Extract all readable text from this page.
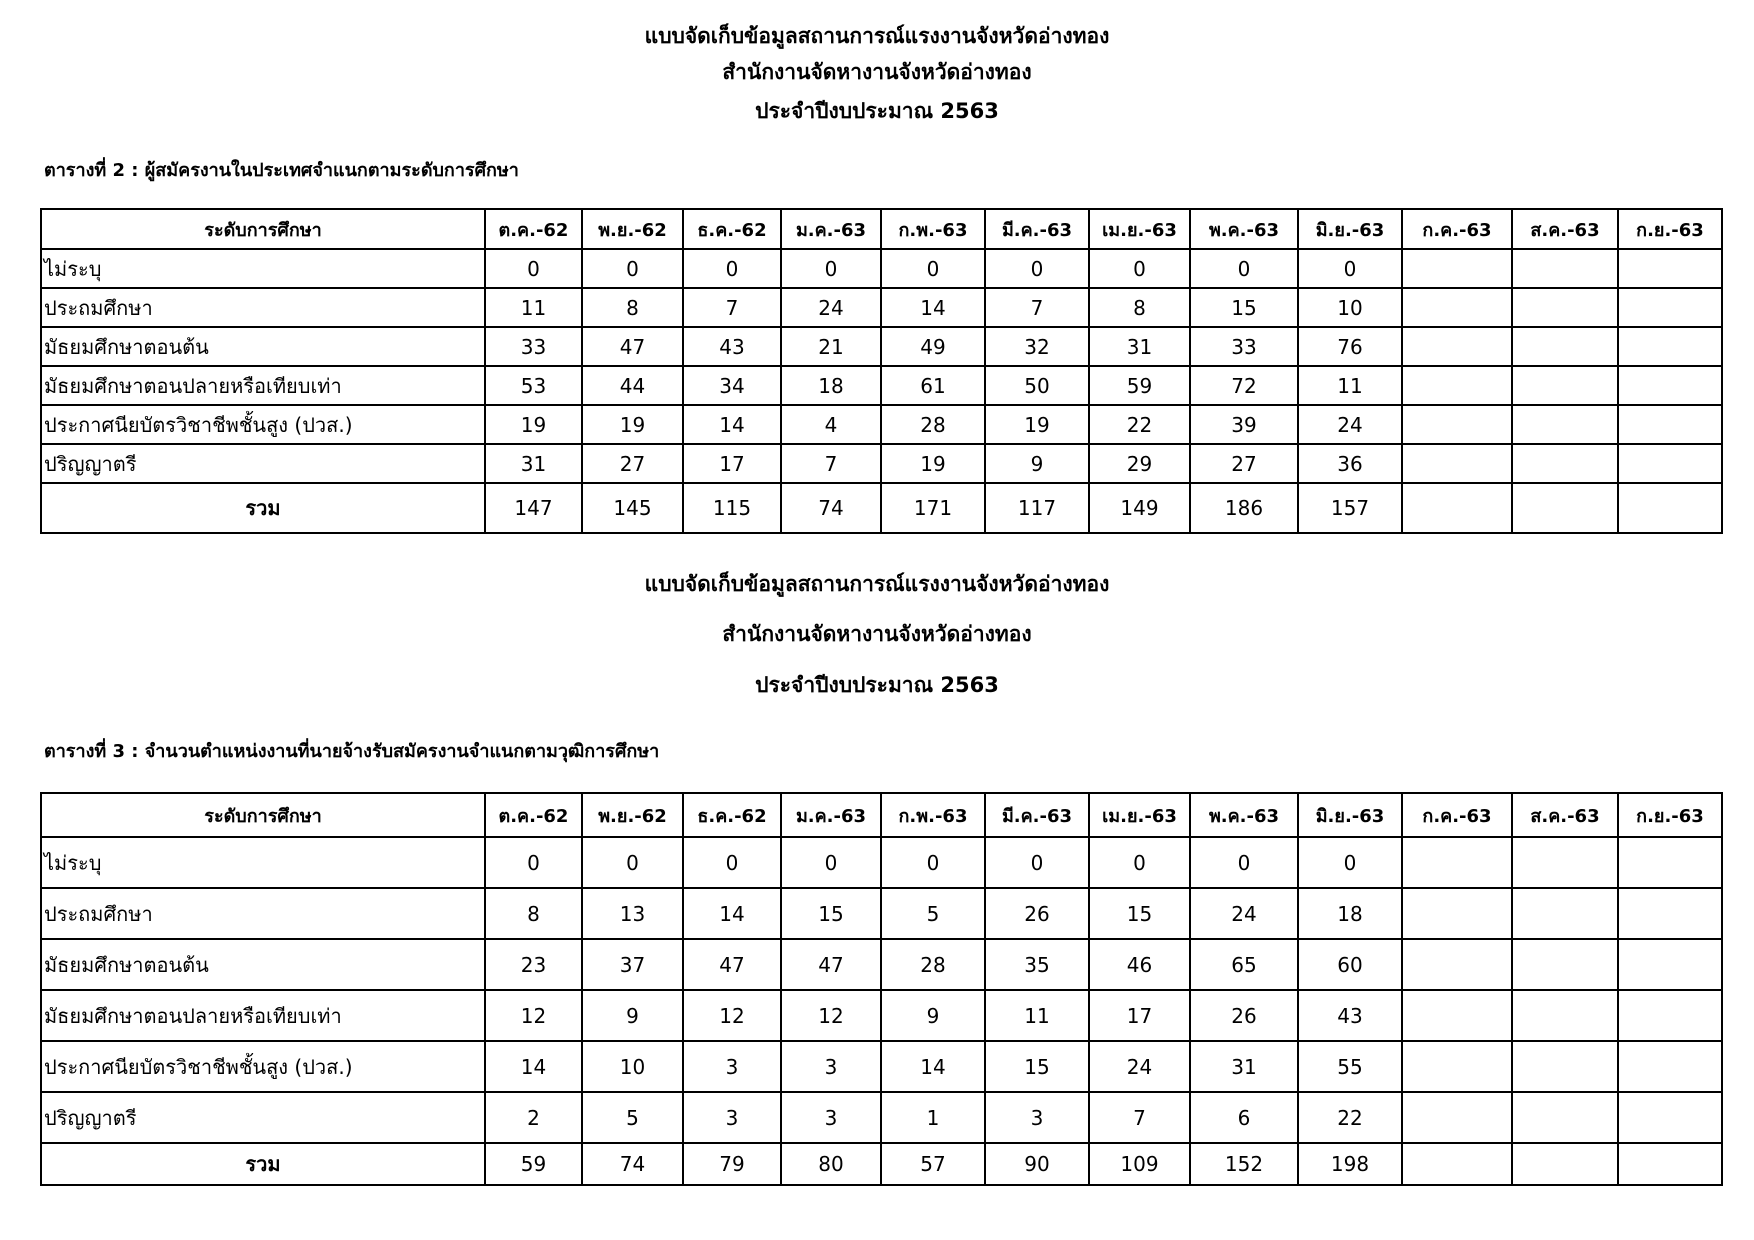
แบบจัดเก็บข้อมูลสถานการณ์แรงงานจังหวัดอ่างทอง
สำนักงานจัดหางานจังหวัดอ่างทอง
ประจำปีงบประมาณ 2563
ตารางที่ 2 : ผู้สมัครงานในประเทศจำแนกตามระดับการศึกษา
ระดับการศึกษา	ต.ค.-62	พ.ย.-62	ธ.ค.-62	ม.ค.-63	ก.พ.-63	มี.ค.-63	เม.ย.-63	พ.ค.-63	มิ.ย.-63	ก.ค.-63	ส.ค.-63	ก.ย.-63
ไม่ระบุ	0	0	0	0	0	0	0	0	0			
ประถมศึกษา	11	8	7	24	14	7	8	15	10			
มัธยมศึกษาตอนต้น	33	47	43	21	49	32	31	33	76			
มัธยมศึกษาตอนปลายหรือเทียบเท่า	53	44	34	18	61	50	59	72	11			
ประกาศนียบัตรวิชาชีพชั้นสูง (ปวส.)	19	19	14	4	28	19	22	39	24			
ปริญญาตรี	31	27	17	7	19	9	29	27	36			
รวม	147	145	115	74	171	117	149	186	157			
แบบจัดเก็บข้อมูลสถานการณ์แรงงานจังหวัดอ่างทอง
สำนักงานจัดหางานจังหวัดอ่างทอง
ประจำปีงบประมาณ 2563
ตารางที่ 3 : จำนวนตำแหน่งงานที่นายจ้างรับสมัครงานจำแนกตามวุฒิการศึกษา
ระดับการศึกษา	ต.ค.-62	พ.ย.-62	ธ.ค.-62	ม.ค.-63	ก.พ.-63	มี.ค.-63	เม.ย.-63	พ.ค.-63	มิ.ย.-63	ก.ค.-63	ส.ค.-63	ก.ย.-63
ไม่ระบุ	0	0	0	0	0	0	0	0	0			
ประถมศึกษา	8	13	14	15	5	26	15	24	18			
มัธยมศึกษาตอนต้น	23	37	47	47	28	35	46	65	60			
มัธยมศึกษาตอนปลายหรือเทียบเท่า	12	9	12	12	9	11	17	26	43			
ประกาศนียบัตรวิชาชีพชั้นสูง (ปวส.)	14	10	3	3	14	15	24	31	55			
ปริญญาตรี	2	5	3	3	1	3	7	6	22			
รวม	59	74	79	80	57	90	109	152	198			
